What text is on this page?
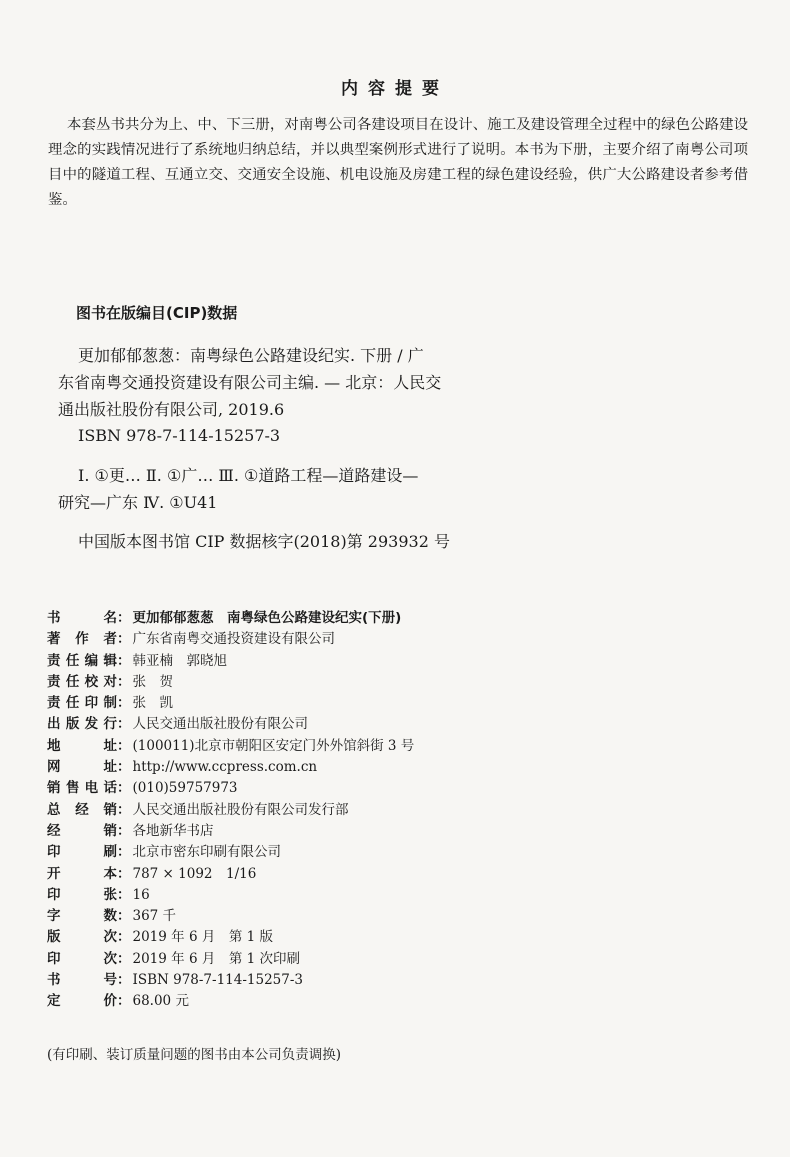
内容提要
本套丛书共分为上、中、下三册，对南粤公司各建设项目在设计、施工及建设管理全过程中的绿色公路建设理念的实践情况进行了系统地归纳总结，并以典型案例形式进行了说明。本书为下册，主要介绍了南粤公司项目中的隧道工程、互通立交、交通安全设施、机电设施及房建工程的绿色建设经验，供广大公路建设者参考借鉴。
图书在版编目(CIP)数据
更加郁郁葱葱：南粤绿色公路建设纪实. 下册 / 广
东省南粤交通投资建设有限公司主编. — 北京：人民交
通出版社股份有限公司, 2019.6
ISBN 978-7-114-15257-3
Ⅰ. ①更… Ⅱ. ①广… Ⅲ. ①道路工程—道路建设—
研究—广东 Ⅳ. ①U41
中国版本图书馆 CIP 数据核字(2018)第 293932 号
书	名 ： 更加郁郁葱葱　南粤绿色公路建设纪实(下册)
著 作 者 ： 广东省南粤交通投资建设有限公司
责 任 编 辑 ： 韩亚楠　郭晓旭
责 任 校 对 ： 张　贺
责 任 印 制 ： 张　凯
出 版 发 行 ： 人民交通出版社股份有限公司
地	址 ： (100011)北京市朝阳区安定门外外馆斜街 3 号
网	址 ： http://www.ccpress.com.cn
销 售 电 话 ： (010)59757973
总 经 销 ： 人民交通出版社股份有限公司发行部
经	销 ： 各地新华书店
印	刷 ： 北京市密东印刷有限公司
开	本 ： 787 × 1092　1/16
印	张 ： 16
字	数 ： 367 千
版	次 ： 2019 年 6 月　第 1 版
印	次 ： 2019 年 6 月　第 1 次印刷
书	号 ： ISBN 978-7-114-15257-3
定	价 ： 68.00 元
(有印刷、装订质量问题的图书由本公司负责调换)
